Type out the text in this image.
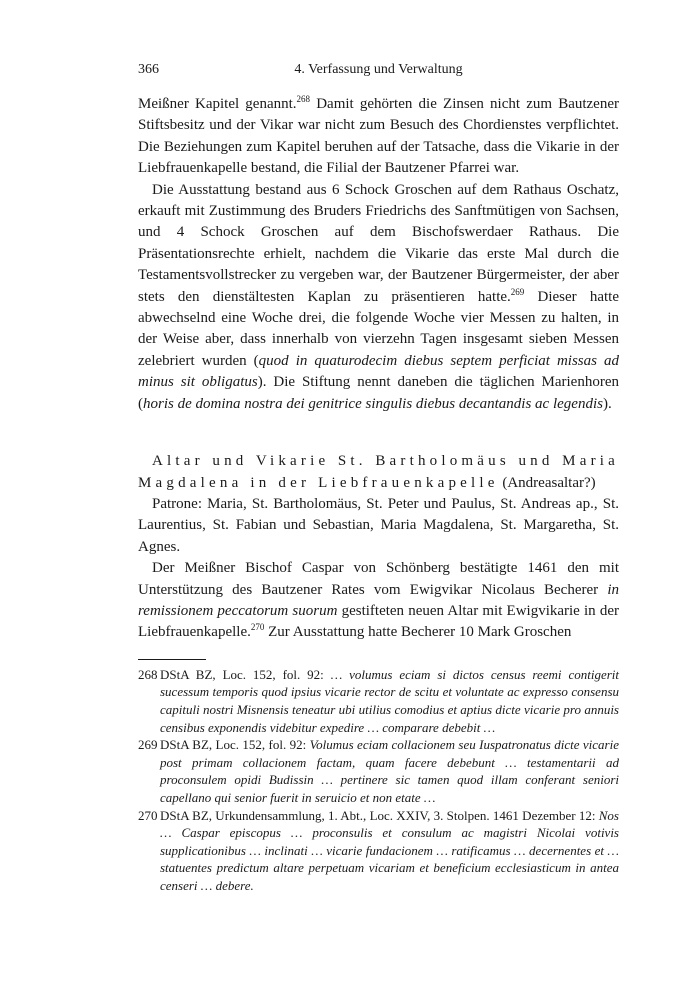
366	4. Verfassung und Verwaltung

Meißner Kapitel genannt.$^{268}$ Damit gehörten die Zinsen nicht zum Bautzener Stiftsbesitz und der Vikar war nicht zum Besuch des Chordienstes verpflichtet. Die Beziehungen zum Kapitel beruhen auf der Tatsache, dass die Vikarie in der Liebfrauenkapelle bestand, die Filial der Bautzener Pfarrei war.

Die Ausstattung bestand aus 6 Schock Groschen auf dem Rathaus Oschatz, erkauft mit Zustimmung des Bruders Friedrichs des Sanftmütigen von Sachsen, und 4 Schock Groschen auf dem Bischofswerdaer Rathaus. Die Präsentationsrechte erhielt, nachdem die Vikarie das erste Mal durch die Testamentsvollstrecker zu vergeben war, der Bautzener Bürgermeister, der aber stets den dienstältesten Kaplan zu präsentieren hatte.$^{269}$ Dieser hatte abwechselnd eine Woche drei, die folgende Woche vier Messen zu halten, in der Weise aber, dass innerhalb von vierzehn Tagen insgesamt sieben Messen zelebriert wurden (quod in quaturodecim diebus septem perficiat missas ad minus sit obligatus). Die Stiftung nennt daneben die täglichen Marienhoren (horis de domina nostra dei genitrice singulis diebus decantandis ac legendis).

Altar und Vikarie St. Bartholomäus und Maria Magdalena in der Liebfrauenkapelle (Andreasaltar?)

Patrone: Maria, St. Bartholomäus, St. Peter und Paulus, St. Andreas ap., St. Laurentius, St. Fabian und Sebastian, Maria Magdalena, St. Margaretha, St. Agnes.

Der Meißner Bischof Caspar von Schönberg bestätigte 1461 den mit Unterstützung des Bautzener Rates vom Ewigvikar Nicolaus Becherer in remissionem peccatorum suorum gestifteten neuen Altar mit Ewigvikarie in der Liebfrauenkapelle.$^{270}$ Zur Ausstattung hatte Becherer 10 Mark Groschen

268 DStA BZ, Loc. 152, fol. 92: … volumus eciam si dictos census reemi contigerit sucessum temporis quod ipsius vicarie rector de scitu et voluntate ac expresso consensu capituli nostri Misnensis teneatur ubi utilius comodius et aptius dicte vicarie pro annuis censibus exponendis videbitur expedire … comparare debebit …

269 DStA BZ, Loc. 152, fol. 92: Volumus eciam collacionem seu Iuspatronatus dicte vicarie post primam collacionem factam, quam facere debebunt … testamentarii ad proconsulem opidi Budissin … pertinere sic tamen quod illam conferant seniori capellano qui senior fuerit in seruicio et non etate …

270 DStA BZ, Urkundensammlung, 1. Abt., Loc. XXIV, 3. Stolpen. 1461 Dezember 12: Nos … Caspar episcopus … proconsulis et consulum ac magistri Nicolai votivis supplicationibus … inclinati … vicarie fundacionem … ratificamus … decernentes et … statuentes predictum altare perpetuam vicariam et beneficium ecclesiasticum in antea censeri … debere.
